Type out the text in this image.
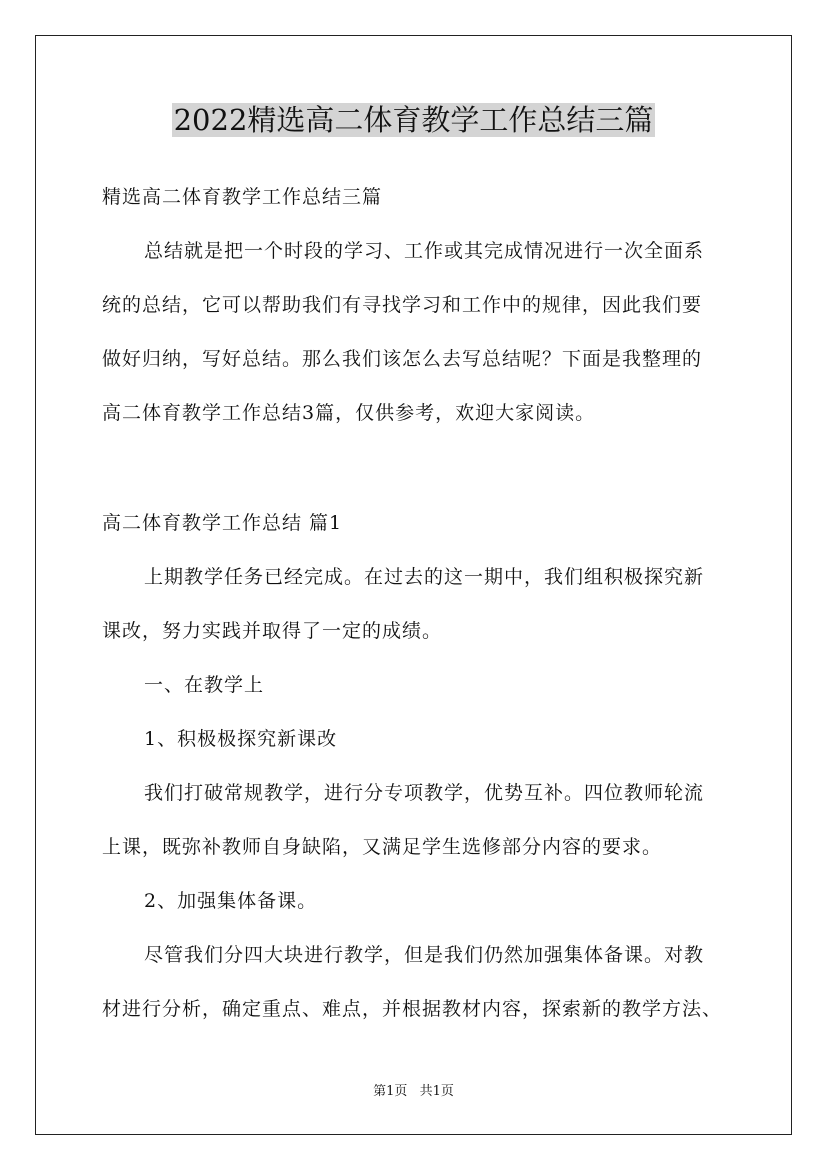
2022精选高二体育教学工作总结三篇

精选高二体育教学工作总结三篇

总结就是把一个时段的学习、工作或其完成情况进行一次全面系

统的总结，它可以帮助我们有寻找学习和工作中的规律，因此我们要

做好归纳，写好总结。那么我们该怎么去写总结呢？下面是我整理的

高二体育教学工作总结3篇，仅供参考，欢迎大家阅读。

高二体育教学工作总结 篇1

上期教学任务已经完成。在过去的这一期中，我们组积极探究新

课改，努力实践并取得了一定的成绩。

一、在教学上

1、积极极探究新课改

我们打破常规教学，进行分专项教学，优势互补。四位教师轮流

上课，既弥补教师自身缺陷，又满足学生选修部分内容的要求。

2、加强集体备课。

尽管我们分四大块进行教学，但是我们仍然加强集体备课。对教

材进行分析，确定重点、难点，并根据教材内容，探索新的教学方法、

第1页 共1页
